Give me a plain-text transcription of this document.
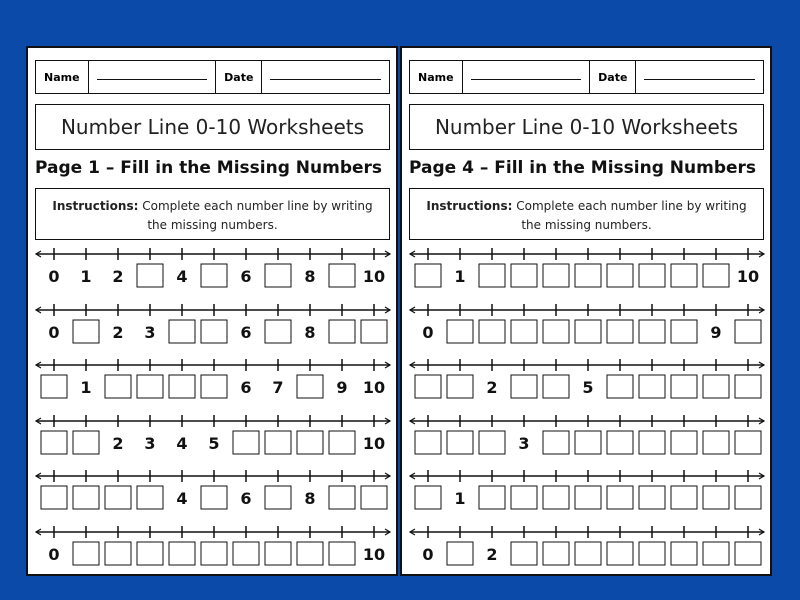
Name	Date
Number Line 0-10 Worksheets
Page 1 – Fill in the Missing Numbers
Instructions: Complete each number line by writing the missing numbers.
0 1 2	4	6	8	10
0	2 3	6	8
1	6 7	9 10
2 3 4 5	10
4	6	8
0	10
Name	Date
Number Line 0-10 Worksheets
Page 4 – Fill in the Missing Numbers
Instructions: Complete each number line by writing the missing numbers.
1	10
0	9
2	5
3
1
0	2
